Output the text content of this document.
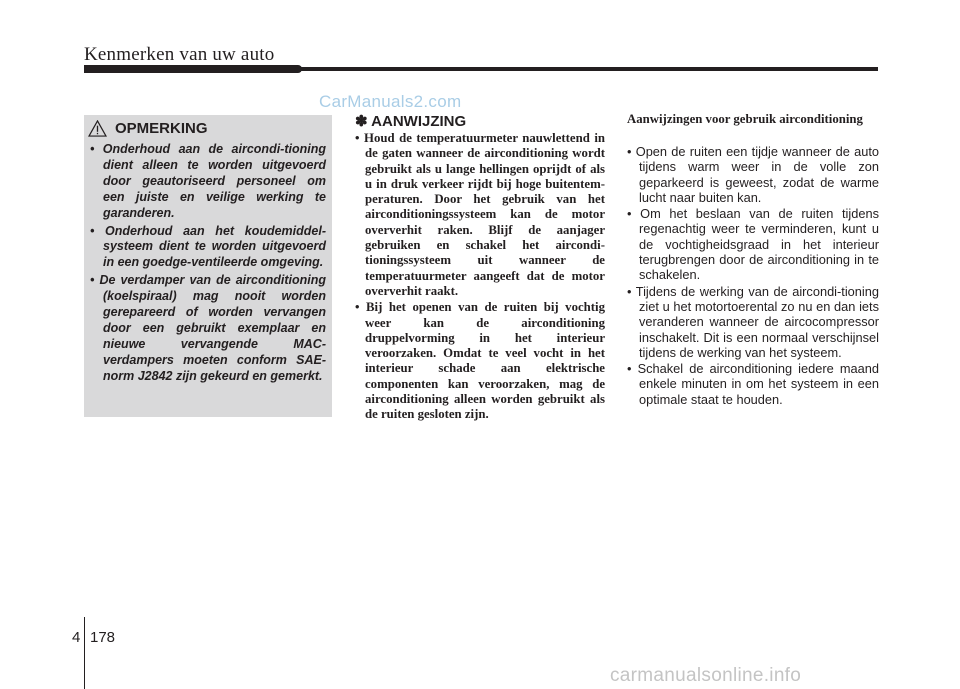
Kenmerken van uw auto
CarManuals2.com
OPMERKING
• Onderhoud aan de aircondi-tioning dient alleen te worden uitgevoerd door geautoriseerd personeel om een juiste en veilige werking te garanderen.
• Onderhoud aan het koudemiddel-systeem dient te worden uitgevoerd in een goedge-ventileerde omgeving.
• De verdamper van de airconditioning (koelspiraal) mag nooit worden gerepareerd of worden vervangen door een gebruikt exemplaar en nieuwe vervangende MAC-verdampers moeten conform SAE-norm J2842 zijn gekeurd en gemerkt.
✽ AANWIJZING
• Houd de temperatuurmeter nauwlettend in de gaten wanneer de airconditioning wordt gebruikt als u lange hellingen oprijdt of als u in druk verkeer rijdt bij hoge buitentem-peraturen. Door het gebruik van het airconditioningssysteem kan de motor oververhit raken. Blijf de aanjager gebruiken en schakel het aircondi-tioningssysteem uit wanneer de temperatuurmeter aangeeft dat de motor oververhit raakt.
• Bij het openen van de ruiten bij vochtig weer kan de airconditioning druppelvorming in het interieur veroorzaken. Omdat te veel vocht in het interieur schade aan elektrische componenten kan veroorzaken, mag de airconditioning alleen worden gebruikt als de ruiten gesloten zijn.
Aanwijzingen voor gebruik airconditioning
• Open de ruiten een tijdje wanneer de auto tijdens warm weer in de volle zon geparkeerd is geweest, zodat de warme lucht naar buiten kan.
• Om het beslaan van de ruiten tijdens regenachtig weer te verminderen, kunt u de vochtigheidsgraad in het interieur terugbrengen door de airconditioning in te schakelen.
• Tijdens de werking van de aircondi-tioning ziet u het motortoerental zo nu en dan iets veranderen wanneer de aircocompressor inschakelt. Dit is een normaal verschijnsel tijdens de werking van het systeem.
• Schakel de airconditioning iedere maand enkele minuten in om het systeem in een optimale staat te houden.
4 178
carmanualsonline.info
